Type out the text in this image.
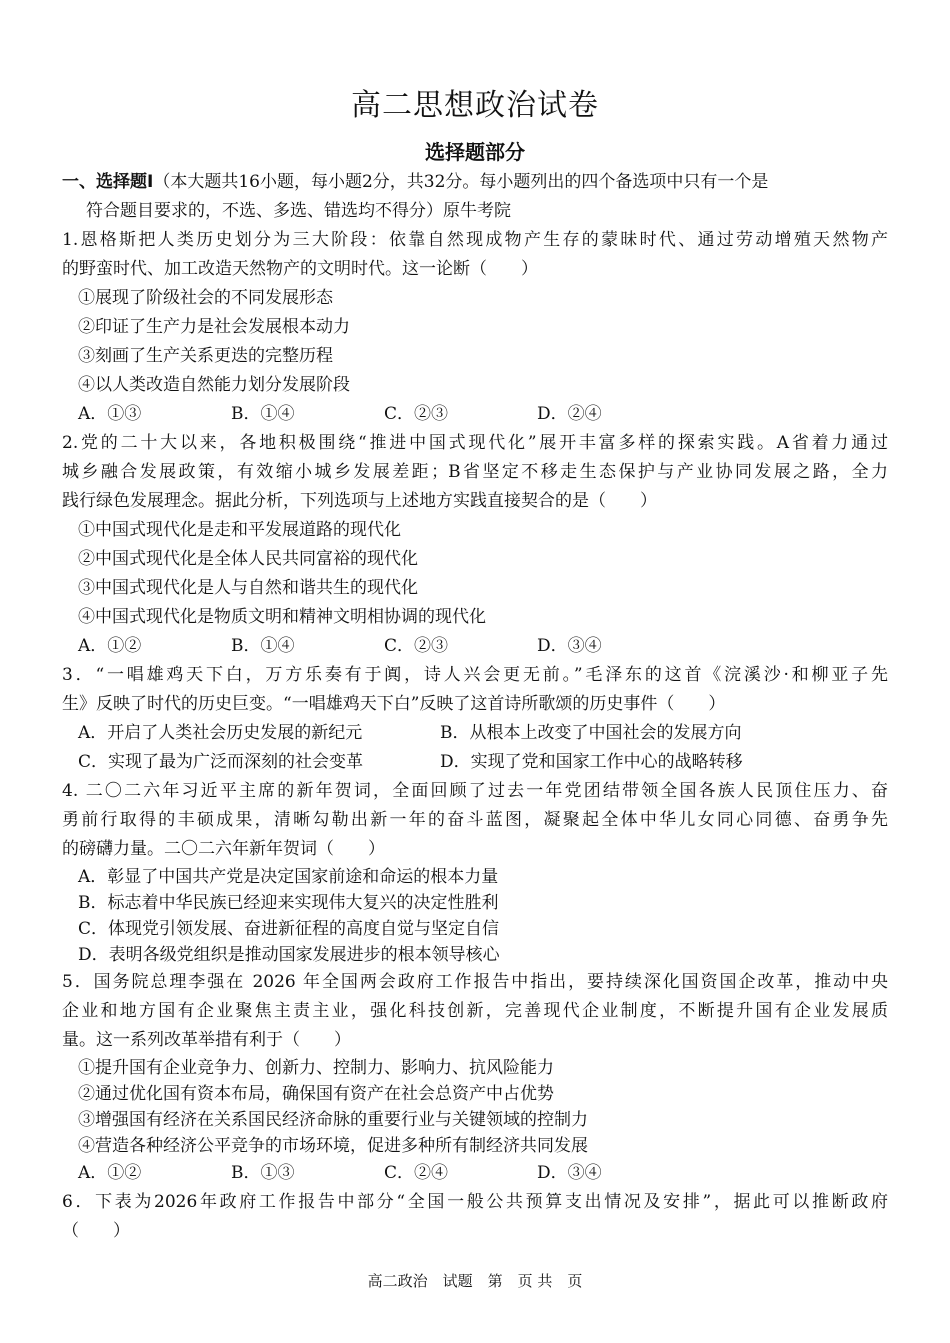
高二思想政治试卷
选择题部分
一、选择题Ⅰ（本大题共16小题，每小题2分，共32分。每小题列出的四个备选项中只有一个是
符合题目要求的，不选、多选、错选均不得分）原牛考院
1.恩格斯把人类历史划分为三大阶段：依靠自然现成物产生存的蒙昧时代、通过劳动增殖天然物产
的野蛮时代、加工改造天然物产的文明时代。这一论断（　　）
①展现了阶级社会的不同发展形态
②印证了生产力是社会发展根本动力
③刻画了生产关系更迭的完整历程
④以人类改造自然能力划分发展阶段
A．①③	B．①④	C．②③	D．②④
2.党的二十大以来，各地积极围绕“推进中国式现代化”展开丰富多样的探索实践。A省着力通过
城乡融合发展政策，有效缩小城乡发展差距；B省坚定不移走生态保护与产业协同发展之路，全力
践行绿色发展理念。据此分析，下列选项与上述地方实践直接契合的是（　　）
①中国式现代化是走和平发展道路的现代化
②中国式现代化是全体人民共同富裕的现代化
③中国式现代化是人与自然和谐共生的现代化
④中国式现代化是物质文明和精神文明相协调的现代化
A．①②	B．①④	C．②③	D．③④
3．“一唱雄鸡天下白，万方乐奏有于阗，诗人兴会更无前。”毛泽东的这首《浣溪沙·和柳亚子先
生》反映了时代的历史巨变。“一唱雄鸡天下白”反映了这首诗所歌颂的历史事件（　　）
A．开启了人类社会历史发展的新纪元	B．从根本上改变了中国社会的发展方向
C．实现了最为广泛而深刻的社会变革	D．实现了党和国家工作中心的战略转移
4. 二〇二六年习近平主席的新年贺词，全面回顾了过去一年党团结带领全国各族人民顶住压力、奋
勇前行取得的丰硕成果，清晰勾勒出新一年的奋斗蓝图，凝聚起全体中华儿女同心同德、奋勇争先
的磅礴力量。二〇二六年新年贺词（　　）
A．彰显了中国共产党是决定国家前途和命运的根本力量
B．标志着中华民族已经迎来实现伟大复兴的决定性胜利
C．体现党引领发展、奋进新征程的高度自觉与坚定自信
D．表明各级党组织是推动国家发展进步的根本领导核心
5．国务院总理李强在 2026 年全国两会政府工作报告中指出，要持续深化国资国企改革，推动中央
企业和地方国有企业聚焦主责主业，强化科技创新，完善现代企业制度，不断提升国有企业发展质
量。这一系列改革举措有利于（　　）
①提升国有企业竞争力、创新力、控制力、影响力、抗风险能力
②通过优化国有资本布局，确保国有资产在社会总资产中占优势
③增强国有经济在关系国民经济命脉的重要行业与关键领域的控制力
④营造各种经济公平竞争的市场环境，促进多种所有制经济共同发展
A．①②	B．①③	C．②④	D．③④
6．下表为2026年政府工作报告中部分“全国一般公共预算支出情况及安排”，据此可以推断政府
（　　）
高二政治　试题　第　页 共　页
